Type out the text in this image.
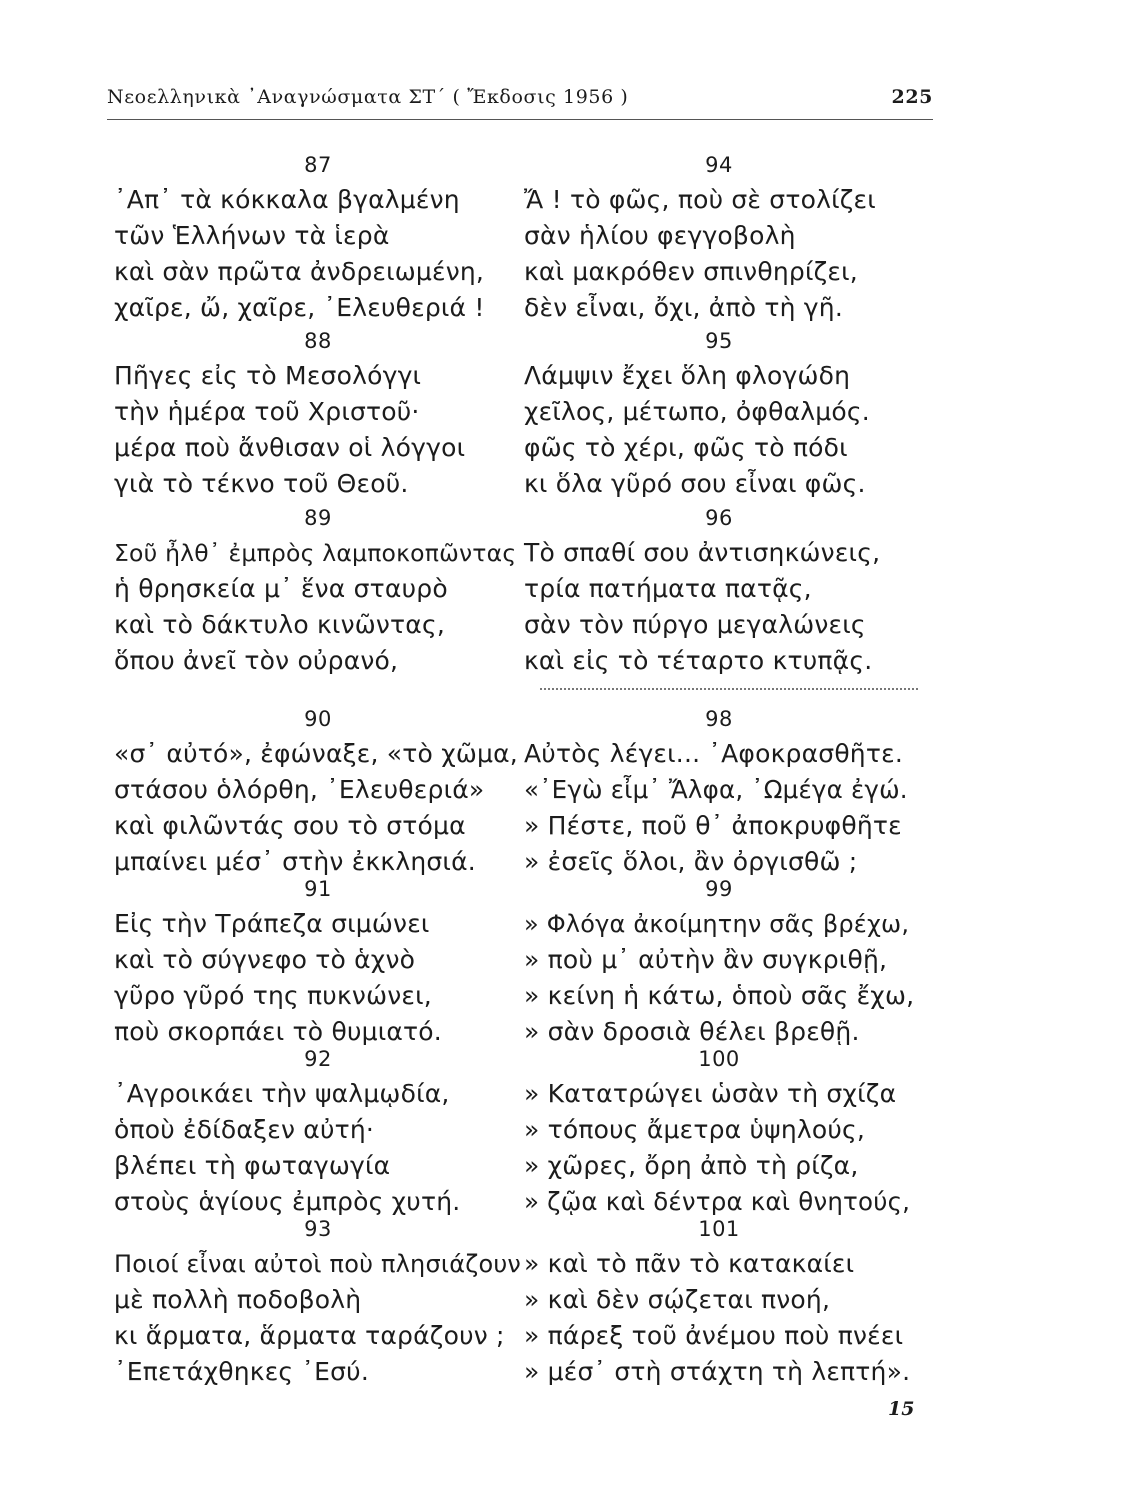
Νεοελληνικὰ ᾿Αναγνώσματα ΣΤ΄ ( Ἔκδοσις 1956 )	225
87
᾿Απ᾿ τὰ κόκκαλα βγαλμένη
τῶν Ἑλλήνων τὰ ἱερὰ
καὶ σὰν πρῶτα ἀνδρειωμένη,
χαῖρε, ὤ, χαῖρε, ᾿Ελευθεριά !
88
Πῆγες εἰς τὸ Μεσολόγγι
τὴν ἡμέρα τοῦ Χριστοῦ·
μέρα ποὺ ἄνθισαν οἱ λόγγοι
γιὰ τὸ τέκνο τοῦ Θεοῦ.
89
Σοῦ ἦλθ᾿ ἐμπρὸς λαμποκοπῶντας
ἡ θρησκεία μ᾿ ἕνα σταυρὸ
καὶ τὸ δάκτυλο κινῶντας,
ὅπου ἀνεῖ τὸν οὐρανό,
90
«σ᾿ αὐτό», ἐφώναξε, «τὸ χῶμα,
στάσου ὁλόρθη, ᾿Ελευθεριά»
καὶ φιλῶντάς σου τὸ στόμα
μπαίνει μέσ᾿ στὴν ἐκκλησιά.
91
Εἰς τὴν Τράπεζα σιμώνει
καὶ τὸ σύγνεφο τὸ ἁχνὸ
γῦρο γῦρό της πυκνώνει,
ποὺ σκορπάει τὸ θυμιατό.
92
᾿Αγροικάει τὴν ψαλμῳδία,
ὁποὺ ἐδίδαξεν αὐτή·
βλέπει τὴ φωταγωγία
στοὺς ἁγίους ἐμπρὸς χυτή.
93
Ποιοί εἶναι αὐτοὶ ποὺ πλησιάζουν
μὲ πολλὴ ποδοβολὴ
κι ἅρματα, ἅρματα ταράζουν ;
᾿Επετάχθηκες ᾿Εσύ.
94
Ἄ ! τὸ φῶς, ποὺ σὲ στολίζει
σὰν ἡλίου φεγγοβολὴ
καὶ μακρόθεν σπινθηρίζει,
δὲν εἶναι, ὄχι, ἀπὸ τὴ γῆ.
95
Λάμψιν ἔχει ὅλη φλογώδη
χεῖλος, μέτωπο, ὀφθαλμός.
φῶς τὸ χέρι, φῶς τὸ πόδι
κι ὅλα γῦρό σου εἶναι φῶς.
96
Τὸ σπαθί σου ἀντισηκώνεις,
τρία πατήματα πατᾷς,
σὰν τὸν πύργο μεγαλώνεις
καὶ εἰς τὸ τέταρτο κτυπᾷς.
98
Αὐτὸς λέγει... ᾿Αφοκρασθῆτε.
«᾿Εγὼ εἶμ᾿ Ἄλφα, ᾿Ωμέγα ἐγώ.
» Πέστε, ποῦ θ᾿ ἀποκρυφθῆτε
» ἐσεῖς ὅλοι, ἂν ὀργισθῶ ;
99
» Φλόγα ἀκοίμητην σᾶς βρέχω,
» ποὺ μ᾿ αὐτὴν ἂν συγκριθῇ,
» κείνη ἡ κάτω, ὁποὺ σᾶς ἔχω,
» σὰν δροσιὰ θέλει βρεθῇ.
100
» Κατατρώγει ὡσὰν τὴ σχίζα
» τόπους ἄμετρα ὑψηλούς,
» χῶρες, ὄρη ἀπὸ τὴ ρίζα,
» ζῷα καὶ δέντρα καὶ θνητούς,
101
» καὶ τὸ πᾶν τὸ κατακαίει
» καὶ δὲν σῴζεται πνοή,
» πάρεξ τοῦ ἀνέμου ποὺ πνέει
» μέσ᾿ στὴ στάχτη τὴ λεπτή».
15
